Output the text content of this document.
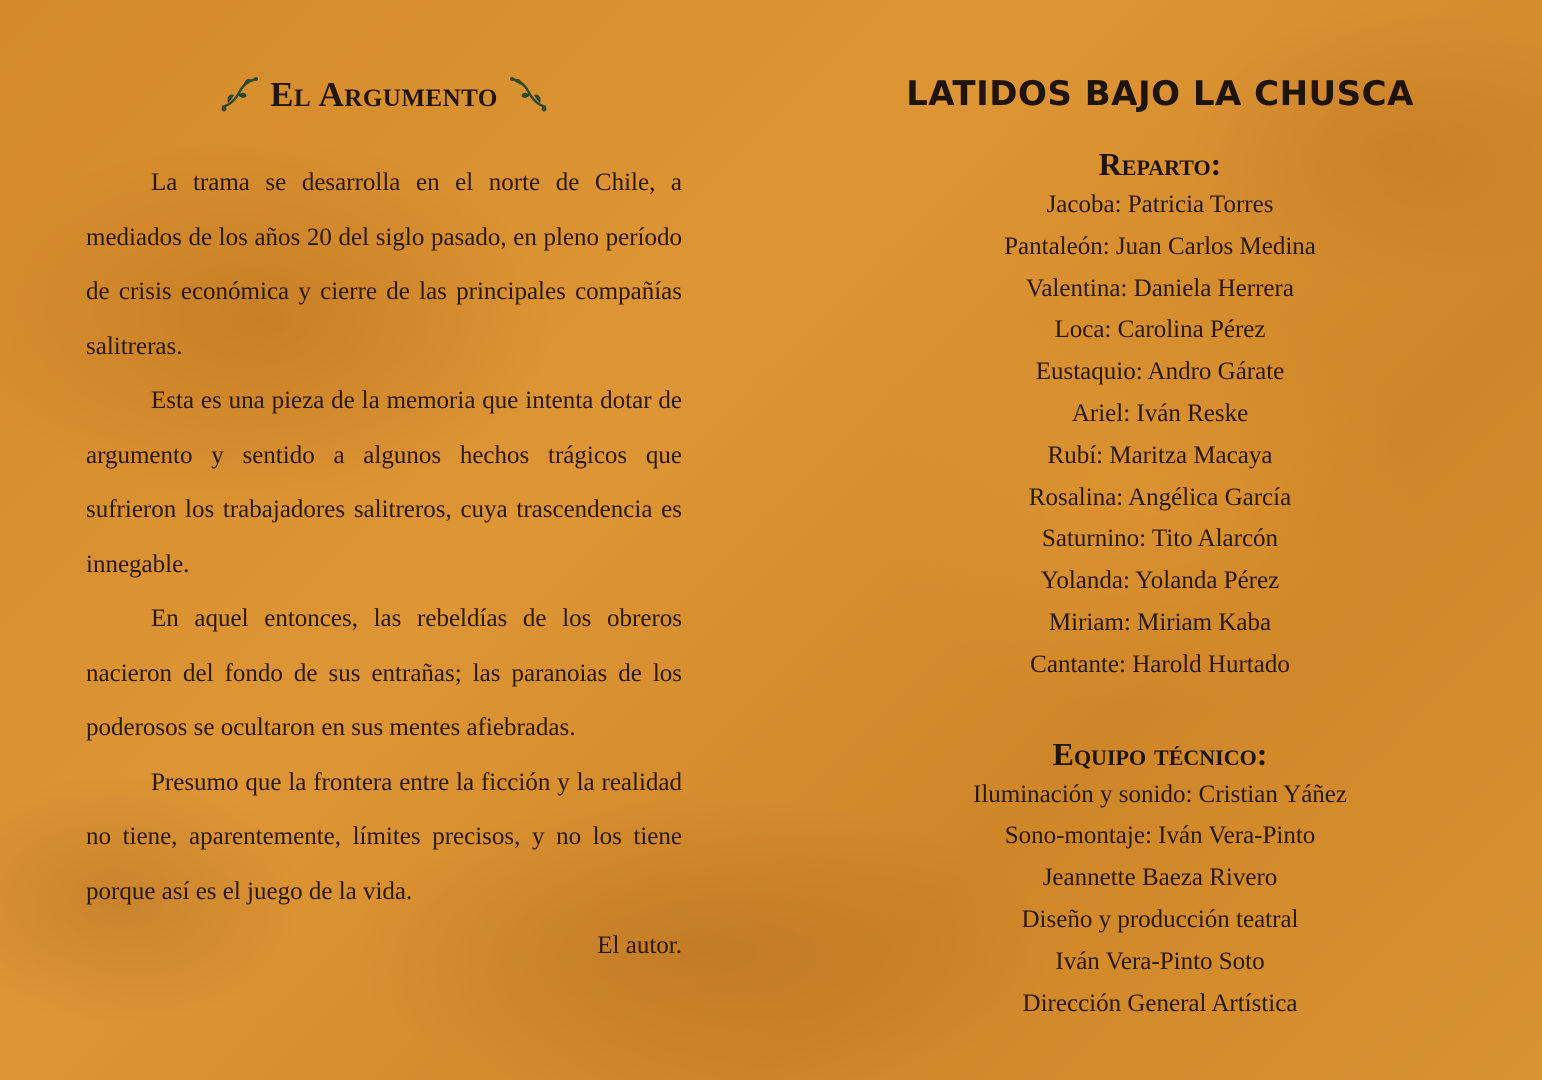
El Argumento

La trama se desarrolla en el norte de Chile, a mediados de los años 20 del siglo pasado, en pleno período de crisis económica y cierre de las principales compañías salitreras.

Esta es una pieza de la memoria que intenta dotar de argumento y sentido a algunos hechos trágicos que sufrieron los trabajadores salitreros, cuya trascendencia es innegable.

En aquel entonces, las rebeldías de los obreros nacieron del fondo de sus entrañas; las paranoias de los poderosos se ocultaron en sus mentes afiebradas.

Presumo que la frontera entre la ficción y la realidad no tiene, aparentemente, límites precisos, y no los tiene porque así es el juego de la vida.

El autor.

LATIDOS BAJO LA CHUSCA
Reparto:

Jacoba: Patricia Torres

Pantaleón: Juan Carlos Medina

Valentina: Daniela Herrera

Loca: Carolina Pérez

Eustaquio: Andro Gárate

Ariel: Iván Reske

Rubí: Maritza Macaya

Rosalina: Angélica García

Saturnino: Tito Alarcón

Yolanda: Yolanda Pérez

Miriam: Miriam Kaba

Cantante: Harold Hurtado

Equipo técnico:

Iluminación y sonido: Cristian Yáñez

Sono-montaje: Iván Vera-Pinto

Jeannette Baeza Rivero

Diseño y producción teatral

Iván Vera-Pinto Soto

Dirección General Artística
